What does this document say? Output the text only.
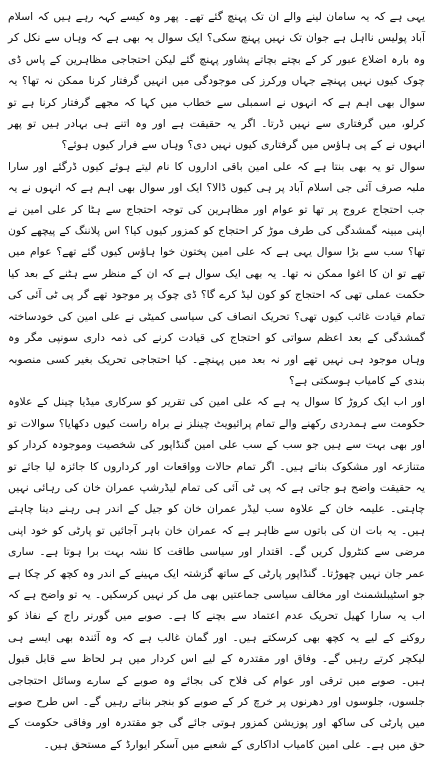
یہی ہے کہ یہ سامان لینے والے ان تک پہنچ گئے تھے۔ پھر وہ کیسے کہہ رہے ہیں کہ اسلام آباد پولیس نااہل ہے جوان تک نہیں پہنچ سکی؟ ایک سوال یہ بھی ہے کہ وہاں سے نکل کر وہ بارہ اضلاع عبور کر کے بچتے بچاتے پشاور پہنچ گئے لیکن احتجاجی مظاہرین کے پاس ڈی چوک کیوں نہیں پہنچے جہاں ورکرز کی موجودگی میں انہیں گرفتار کرنا ممکن نہ تھا؟ یہ سوال بھی اہم ہے کہ انہوں نے اسمبلی سے خطاب میں کہا کہ مجھے گرفتار کرنا ہے تو کرلو، میں گرفتاری سے نہیں ڈرتا۔ اگر یہ حقیقت ہے اور وہ اتنے ہی بہادر ہیں تو پھر انہوں نے کے پی ہاؤس میں گرفتاری کیوں نہیں دی؟ وہاں سے فرار کیوں ہوئے؟

سوال تو یہ بھی بنتا ہے کہ علی امین باقی اداروں کا نام لیتے ہوئے کیوں ڈرگئے اور سارا ملبہ صرف آئی جی اسلام آباد پر ہی کیوں ڈالا؟ ایک اور سوال بھی اہم ہے کہ انہوں نے یہ جب احتجاج عروج پر تھا تو عوام اور مظاہرین کی توجہ احتجاج سے ہٹا کر علی امین نے اپنی مبینہ گمشدگی کی طرف موڑ کر احتجاج کو کمزور کیوں کیا؟ اس پلاننگ کے پیچھے کون تھا؟ سب سے بڑا سوال یہی ہے کہ علی امین پختون خوا ہاؤس کیوں گئے تھے؟ عوام میں تھے تو ان کا اغوا ممکن نہ تھا۔ یہ بھی ایک سوال ہے کہ ان کے منظر سے ہٹنے کے بعد کیا حکمت عملی تھی کہ احتجاج کو کون لیڈ کرے گا؟ ڈی چوک پر موجود تھے گر پی ٹی آئی کی تمام قیادت غائب کیوں تھی؟ تحریک انصاف کی سیاسی کمیٹی نے علی امین کی خودساختہ گمشدگی کے بعد اعظم سواتی کو احتجاج کی قیادت کرنے کی ذمہ داری سونپی مگر وہ وہاں موجود ہی نہیں تھے اور نہ بعد میں پہنچے۔ کیا احتجاجی تحریک بغیر کسی منصوبہ بندی کے کامیاب ہوسکتی ہے؟

اور اب ایک کروڑ کا سوال یہ ہے کہ علی امین کی تقریر کو سرکاری میڈیا چینل کے علاوہ حکومت سے ہمدردی رکھنے والے تمام پرائیویٹ چینلز نے براہ راست کیوں دکھایا؟ سوالات تو اور بھی بہت سے ہیں جو سب کے سب علی امین گنڈاپور کی شخصیت وموجودہ کردار کو متنازعہ اور مشکوک بناتے ہیں۔ اگر تمام حالات وواقعات اور کرداروں کا جائزہ لیا جائے تو یہ حقیقت واضح ہو جاتی ہے کہ پی ٹی آئی کی تمام لیڈرشپ عمران خان کی رہائی نہیں چاہتی۔ علیمہ خان کے علاوہ سب لیڈر عمران خان کو جیل کے اندر ہی رہنے دینا چاہتے ہیں۔ یہ بات ان کی باتوں سے ظاہر ہے کہ عمران خان باہر آجائیں تو پارٹی کو خود اپنی مرضی سے کنٹرول کریں گے۔ اقتدار اور سیاسی طاقت کا نشہ بہت برا ہوتا ہے۔ ساری عمر جان نہیں چھوڑتا۔ گنڈاپور پارٹی کے ساتھ گزشتہ ایک مہینے کے اندر وہ کچھ کر چکا ہے جو اسٹیبلشمنٹ اور مخالف سیاسی جماعتیں بھی مل کر نہیں کرسکیں۔ یہ تو واضح ہے کہ اب یہ سارا کھیل تحریک عدم اعتماد سے بچنے کا ہے۔ صوبے میں گورنر راج کے نفاذ کو روکنے کے لیے یہ کچھ بھی کرسکتے ہیں۔ اور گمان غالب ہے کہ وہ آئندہ بھی ایسے ہی لیکچر کرتے رہیں گے۔ وفاق اور مقتدرہ کے لیے اس کردار میں ہر لحاظ سے قابل قبول ہیں۔ صوبے میں ترقی اور عوام کی فلاح کی بجائے وہ صوبے کے سارے وسائل احتجاجی جلسوں، جلوسوں اور دھرنوں پر خرچ کر کے صوبے کو بنجر بناتے رہیں گے۔ اس طرح صوبے میں پارٹی کی ساکھ اور پوزیشن کمزور ہوتی جائے گی جو مقتدرہ اور وفاقی حکومت کے حق میں ہے۔ علی امین کامیاب اداکاری کے شعبے میں آسکر ایوارڈ کے مستحق ہیں۔
